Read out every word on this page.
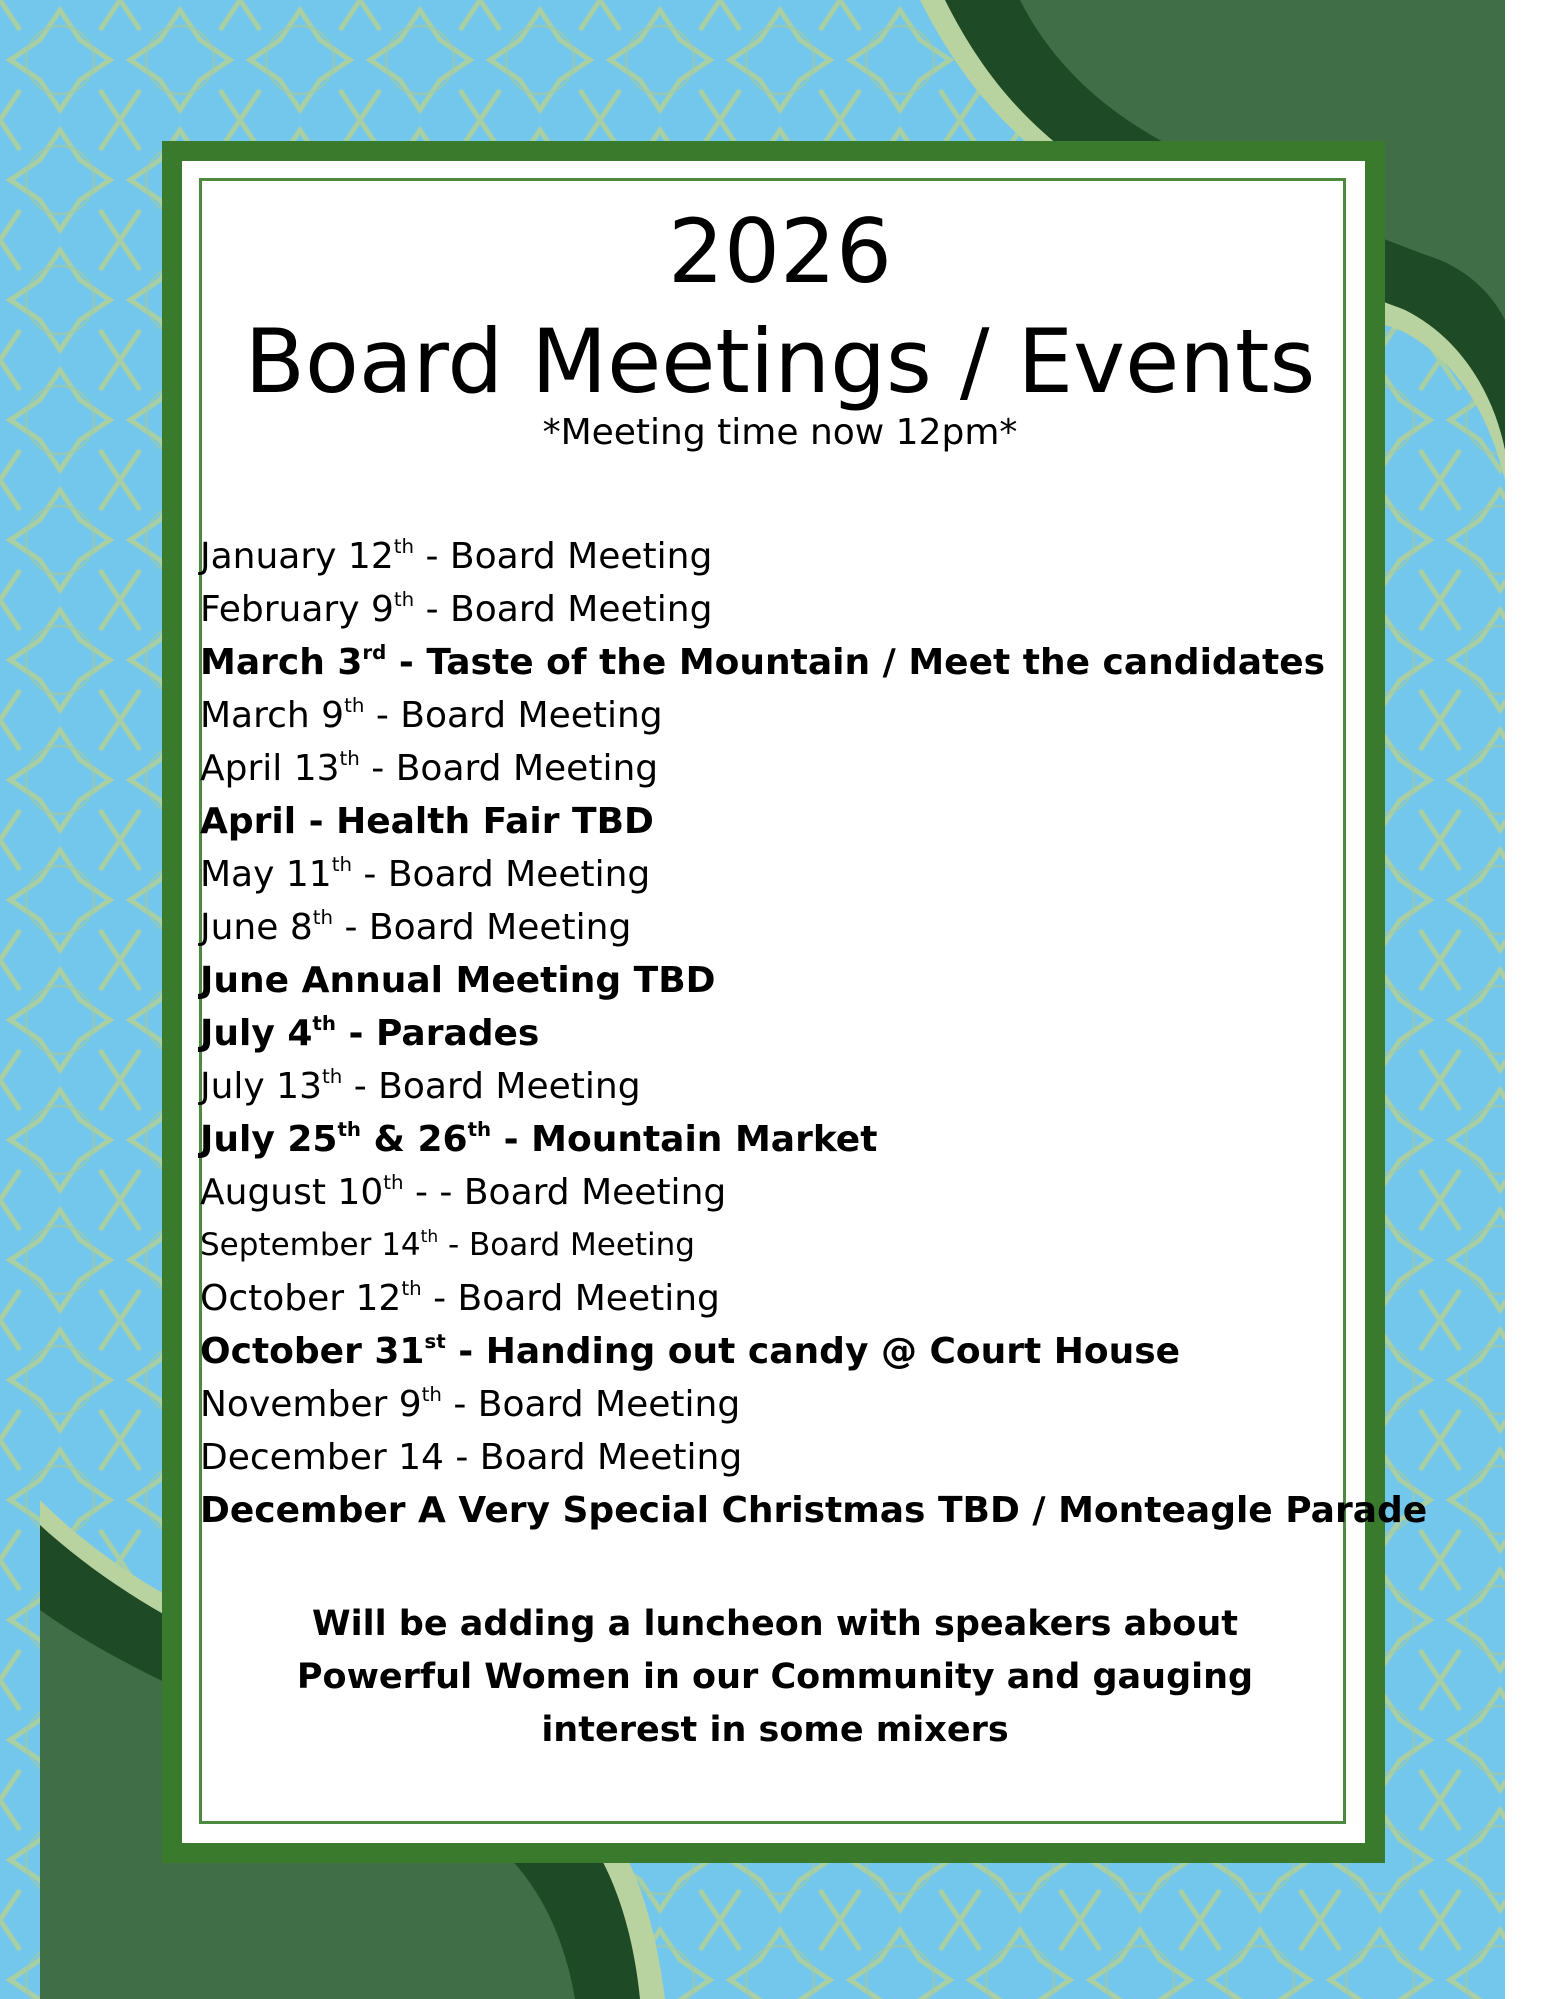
2026
Board Meetings / Events
*Meeting time now 12pm*
January 12th - Board Meeting
February 9th - Board Meeting
March 3rd - Taste of the Mountain / Meet the candidates
March 9th - Board Meeting
April 13th - Board Meeting
April - Health Fair TBD
May 11th - Board Meeting
June 8th - Board Meeting
June Annual Meeting TBD
July 4th - Parades
July 13th - Board Meeting
July 25th & 26th - Mountain Market
August 10th - - Board Meeting
September 14th - Board Meeting
October 12th - Board Meeting
October 31st - Handing out candy @ Court House
November 9th - Board Meeting
December 14 - Board Meeting
December A Very Special Christmas TBD / Monteagle Parade
Will be adding a luncheon with speakers about Powerful Women in our Community and gauging interest in some mixers
